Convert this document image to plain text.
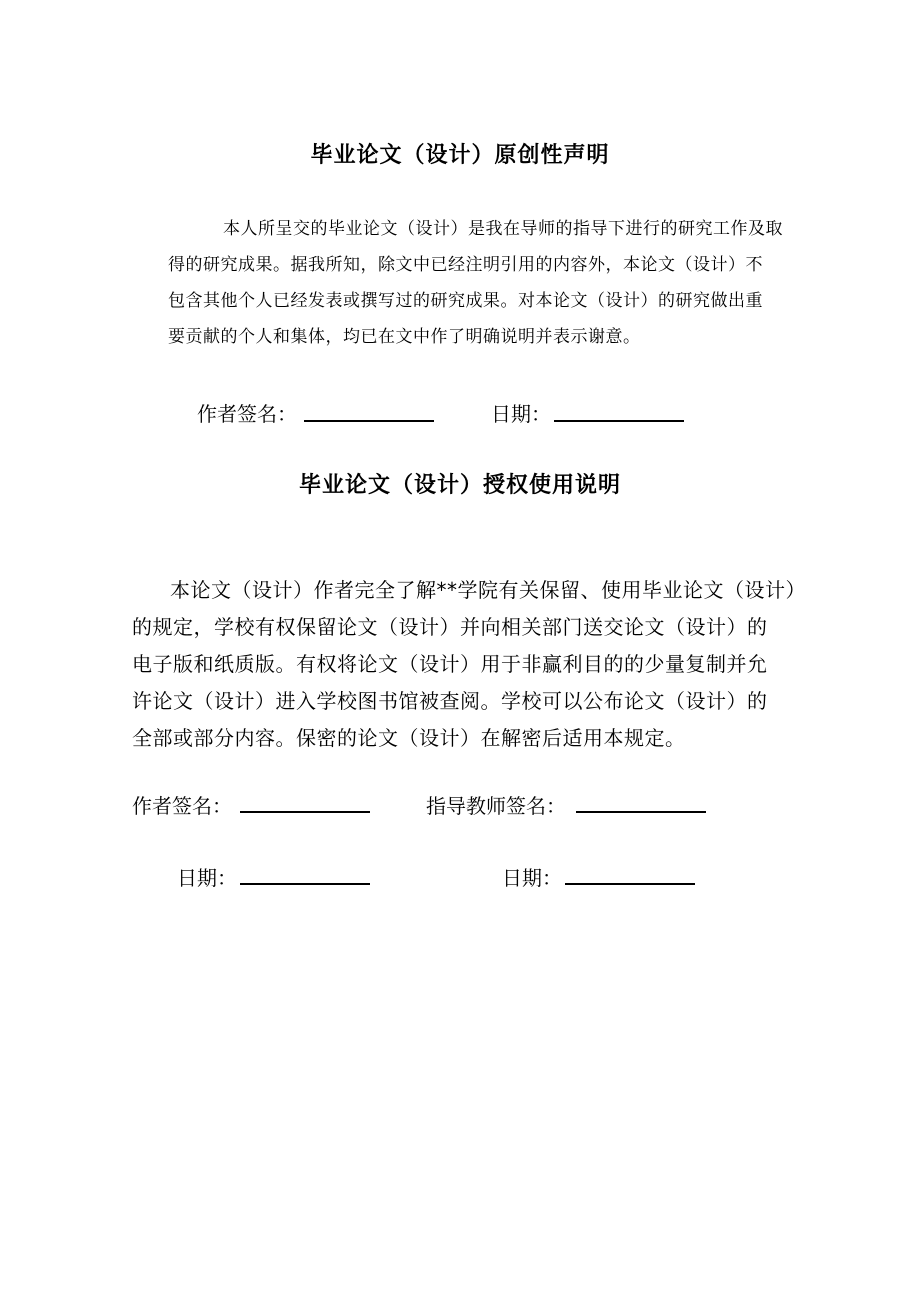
毕业论文（设计）原创性声明
本人所呈交的毕业论文（设计）是我在导师的指导下进行的研究工作及取
得的研究成果。据我所知，除文中已经注明引用的内容外，本论文（设计）不
包含其他个人已经发表或撰写过的研究成果。对本论文（设计）的研究做出重
要贡献的个人和集体，均已在文中作了明确说明并表示谢意。
作者签名：	日期：
毕业论文（设计）授权使用说明
本论文（设计）作者完全了解**学院有关保留、使用毕业论文（设计）
的规定，学校有权保留论文（设计）并向相关部门送交论文（设计）的
电子版和纸质版。有权将论文（设计）用于非赢利目的的少量复制并允
许论文（设计）进入学校图书馆被查阅。学校可以公布论文（设计）的
全部或部分内容。保密的论文（设计）在解密后适用本规定。
作者签名：	指导教师签名：
日期：	日期：
